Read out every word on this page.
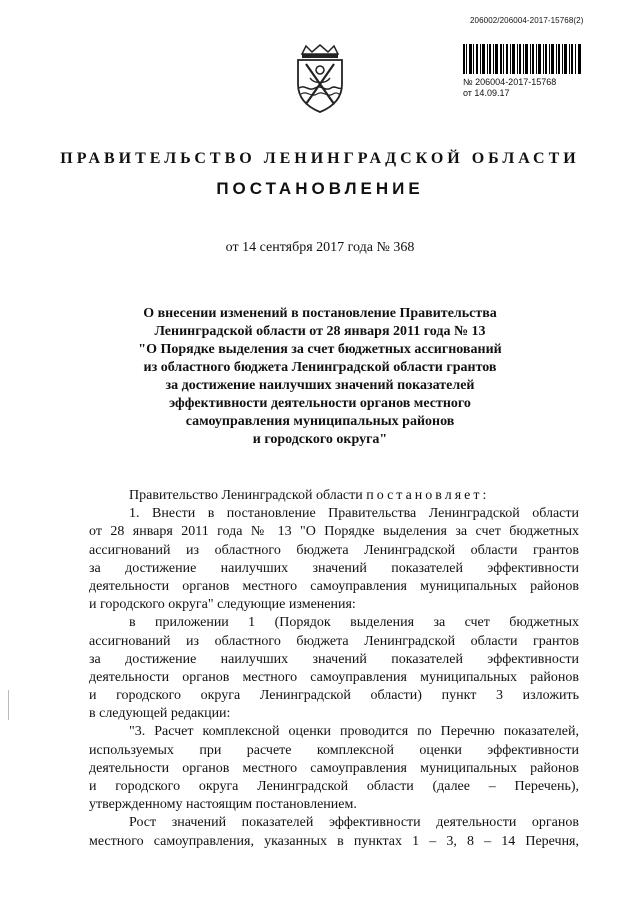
206002/206004-2017-15768(2)
№ 206004-2017-15768
от 14.09.17
ПРАВИТЕЛЬСТВО ЛЕНИНГРАДСКОЙ ОБЛАСТИ
ПОСТАНОВЛЕНИЕ
от 14 сентября 2017 года № 368
О внесении изменений в постановление Правительства
Ленинградской области от 28 января 2011 года № 13
"О Порядке выделения за счет бюджетных ассигнований
из областного бюджета Ленинградской области грантов
за достижение наилучших значений показателей
эффективности деятельности органов местного
самоуправления муниципальных районов
и городского округа"
Правительство Ленинградской области постановляет:
1. Внести в постановление Правительства Ленинградской области
от 28 января 2011 года № 13 "О Порядке выделения за счет бюджетных
ассигнований из областного бюджета Ленинградской области грантов
за достижение наилучших значений показателей эффективности
деятельности органов местного самоуправления муниципальных районов
и городского округа" следующие изменения:
в приложении 1 (Порядок выделения за счет бюджетных
ассигнований из областного бюджета Ленинградской области грантов
за достижение наилучших значений показателей эффективности
деятельности органов местного самоуправления муниципальных районов
и городского округа Ленинградской области) пункт 3 изложить
в следующей редакции:
"3. Расчет комплексной оценки проводится по Перечню показателей,
используемых при расчете комплексной оценки эффективности
деятельности органов местного самоуправления муниципальных районов
и городского округа Ленинградской области (далее – Перечень),
утвержденному настоящим постановлением.
Рост значений показателей эффективности деятельности органов
местного самоуправления, указанных в пунктах 1 – 3, 8 – 14 Перечня,
